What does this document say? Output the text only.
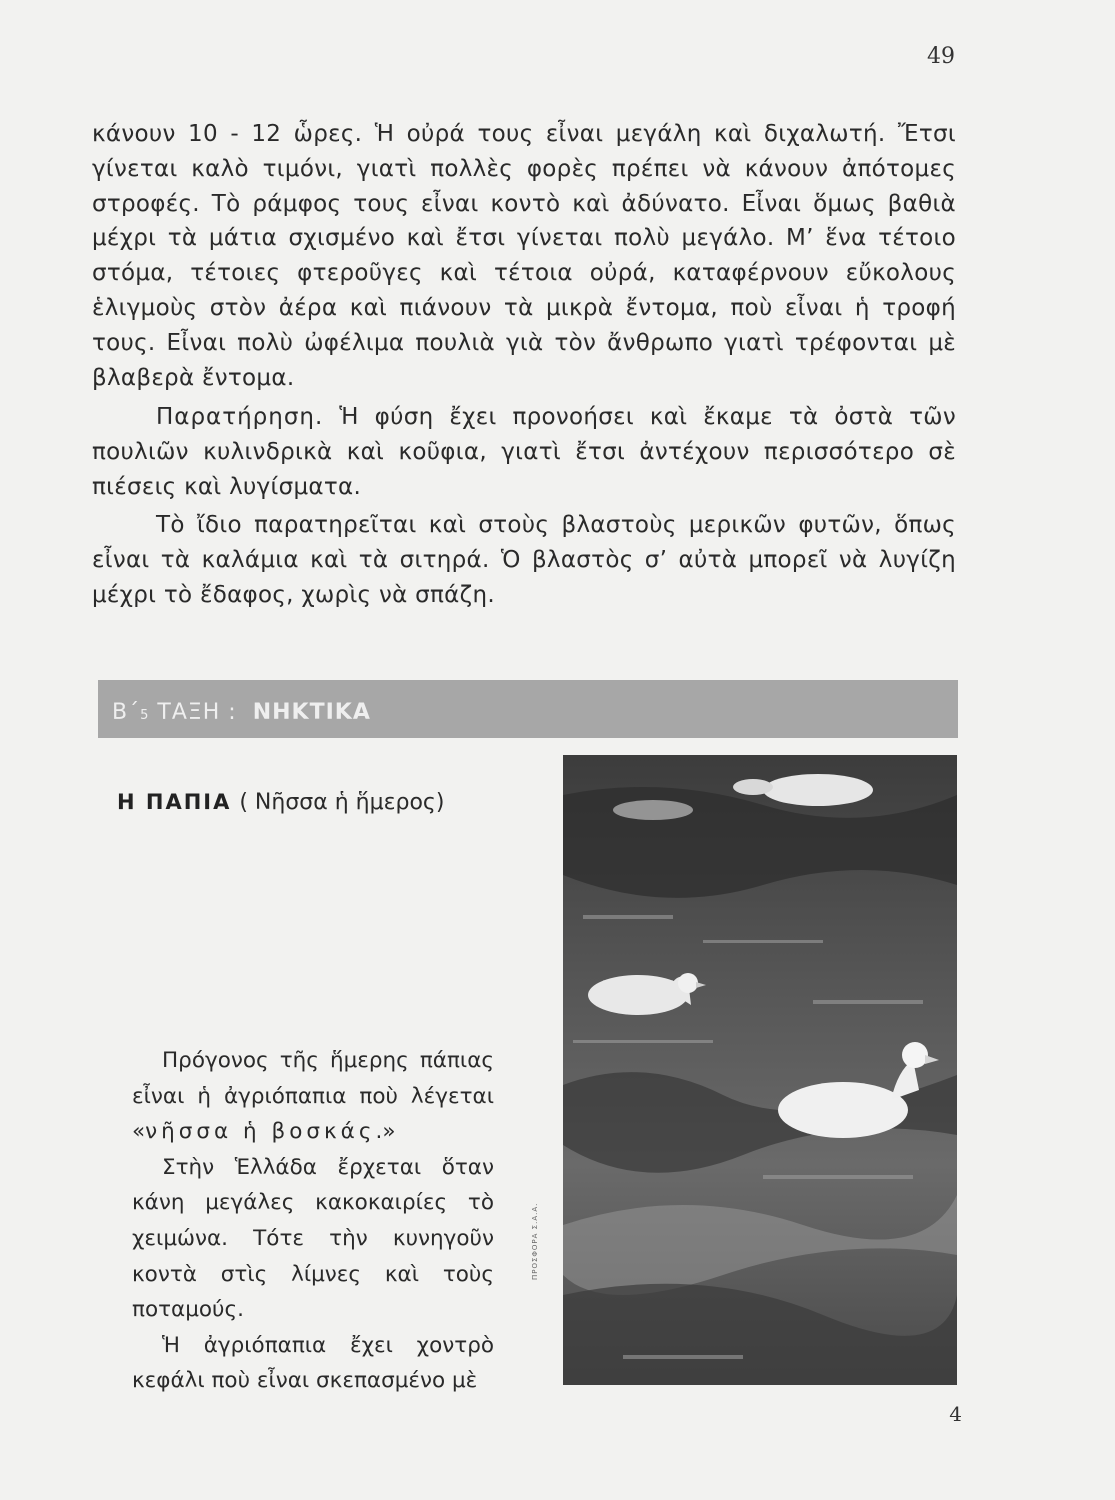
49

κάνουν 10 - 12 ὧρες. Ἡ οὐρά τους εἶναι μεγάλη καὶ διχαλωτή. Ἔτσι γίνεται καλὸ τιμόνι, γιατὶ πολλὲς φορὲς πρέπει νὰ κάνουν ἀπότομες στροφές. Τὸ ράμφος τους εἶναι κοντὸ καὶ ἀδύνατο. Εἶναι ὅμως βαθιὰ μέχρι τὰ μάτια σχισμένο καὶ ἔτσι γίνεται πολὺ μεγάλο. Μ’ ἕνα τέτοιο στόμα, τέτοιες φτεροῦγες καὶ τέτοια οὐρά, καταφέρνουν εὔκολους ἑλιγμοὺς στὸν ἀέρα καὶ πιάνουν τὰ μικρὰ ἔντομα, ποὺ εἶναι ἡ τροφή τους. Εἶναι πολὺ ὠφέλιμα πουλιὰ γιὰ τὸν ἄνθρωπο γιατὶ τρέφονται μὲ βλαβερὰ ἔντομα.

Παρατήρηση. Ἡ φύση ἔχει προνοήσει καὶ ἔκαμε τὰ ὀστὰ τῶν πουλιῶν κυλινδρικὰ καὶ κοῦφια, γιατὶ ἔτσι ἀντέχουν περισσότερο σὲ πιέσεις καὶ λυγίσματα.

Τὸ ἴδιο παρατηρεῖται καὶ στοὺς βλαστοὺς μερικῶν φυτῶν, ὅπως εἶναι τὰ καλάμια καὶ τὰ σιτηρά. Ὁ βλαστὸς σ’ αὐτὰ μπορεῖ νὰ λυγίζη μέχρι τὸ ἔδαφος, χωρὶς νὰ σπάζη.

Β΄5 ΤΑΞΗ : ΝΗΚΤΙΚΑ
Η ΠΑΠΙΑ ( Νῆσσα ἡ ἥμερος)
ΠΡΟΣΦΟΡΑ Σ.Α.Α.

Πρόγονος τῆς ἥμερης πάπιας εἶναι ἡ ἀγριόπαπια ποὺ λέγεται «νῆσσα ἡ βοσκάς.»
Στὴν Ἑλλάδα ἔρχεται ὅταν κάνη μεγάλες κακοκαιρίες τὸ χειμώνα. Τότε τὴν κυνηγοῦν κοντὰ στὶς λίμνες καὶ τοὺς ποταμούς.
Ἡ ἀγριόπαπια ἔχει χοντρὸ κεφάλι ποὺ εἶναι σκεπασμένο μὲ

4
